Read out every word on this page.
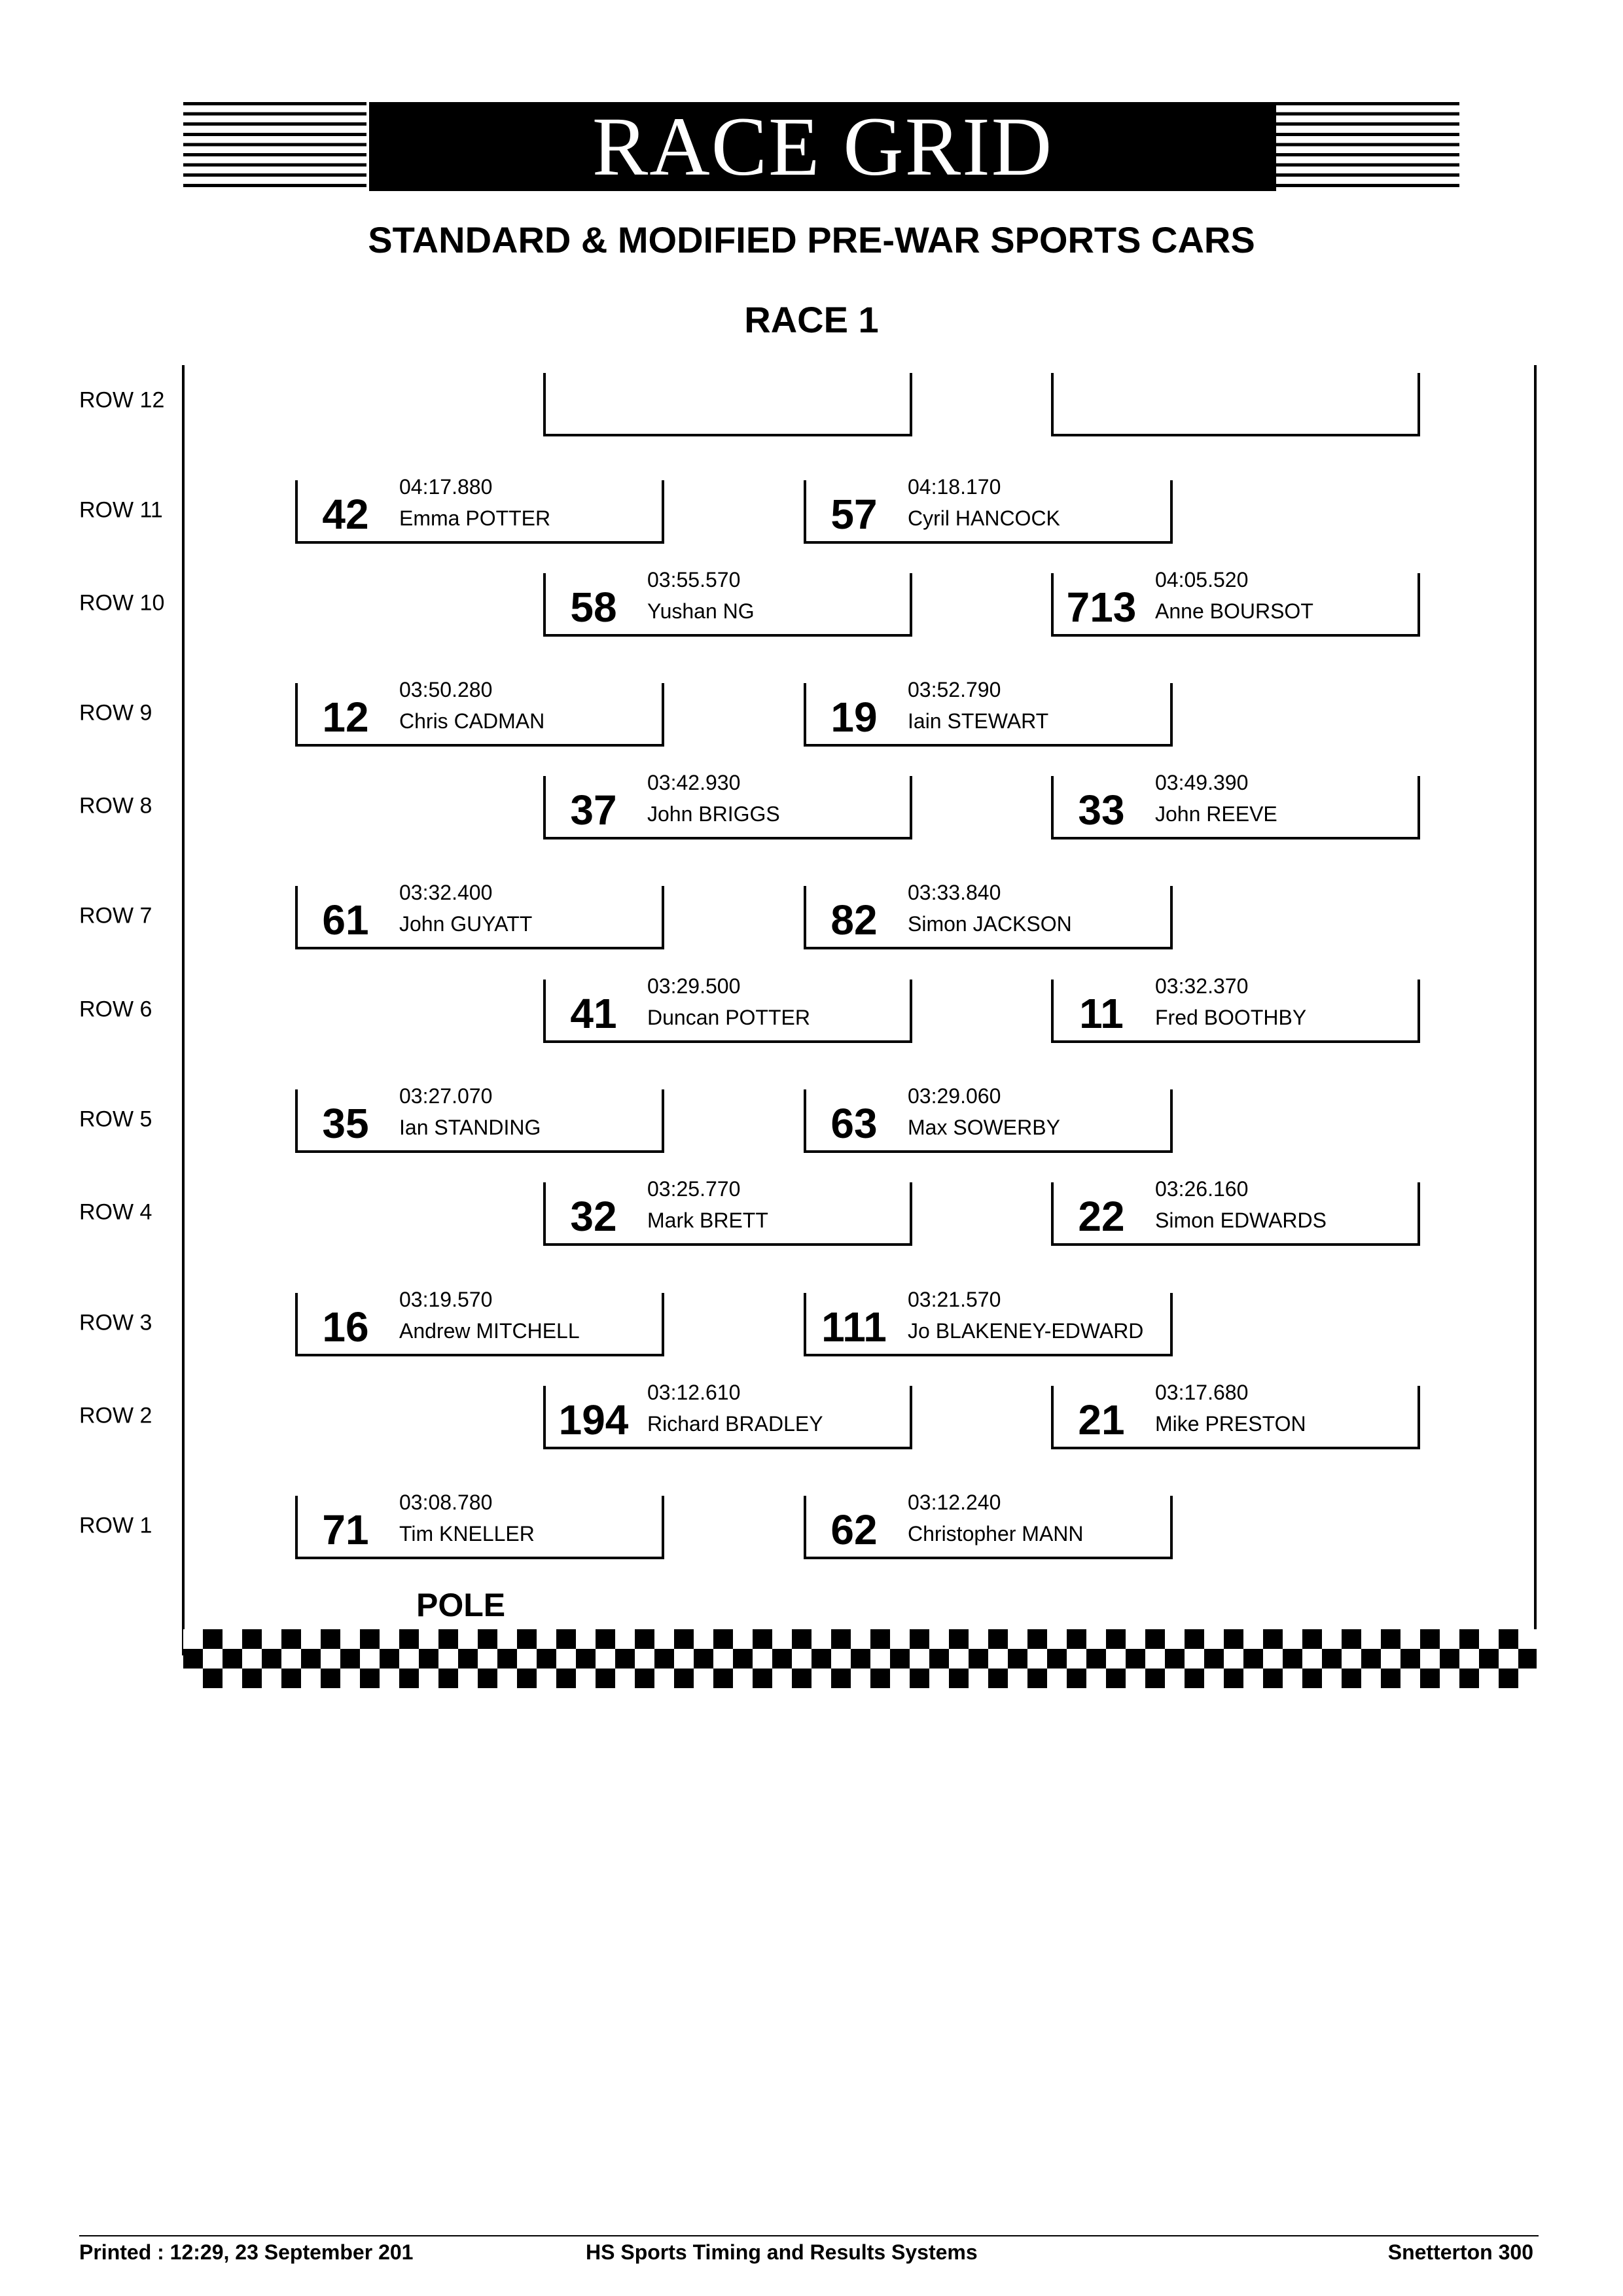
RACE GRID
STANDARD & MODIFIED PRE-WAR SPORTS CARS
RACE 1
ROW 12
ROW 11
ROW 10
ROW 9
ROW 8
ROW 7
ROW 6
ROW 5
ROW 4
ROW 3
ROW 2
ROW 1
42
04:17.880
Emma POTTER	57
04:18.170
Cyril HANCOCK
58
03:55.570
Yushan NG	713
04:05.520
Anne BOURSOT
12
03:50.280
Chris CADMAN	19
03:52.790
Iain STEWART
37
03:42.930
John BRIGGS	33
03:49.390
John REEVE
61
03:32.400
John GUYATT	82
03:33.840
Simon JACKSON
41
03:29.500
Duncan POTTER	11
03:32.370
Fred BOOTHBY
35
03:27.070
Ian STANDING	63
03:29.060
Max SOWERBY
32
03:25.770
Mark BRETT	22
03:26.160
Simon EDWARDS
16
03:19.570
Andrew MITCHELL	111
03:21.570
Jo BLAKENEY-EDWARD
194
03:12.610
Richard BRADLEY	21
03:17.680
Mike PRESTON
71
03:08.780
Tim KNELLER	62
03:12.240
Christopher MANN
POLE
Printed : 12:29, 23 September 201	HS Sports Timing and Results Systems	Snetterton 300
